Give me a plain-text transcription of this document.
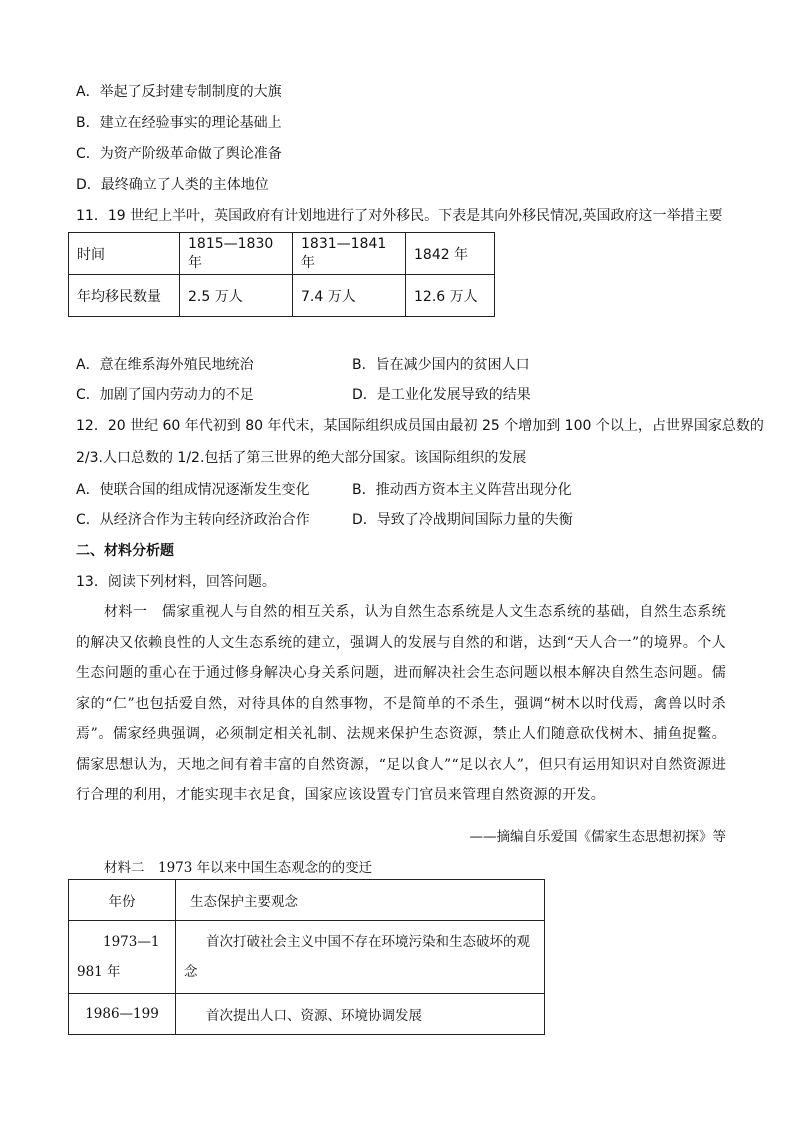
A．举起了反封建专制制度的大旗
B．建立在经验事实的理论基础上
C．为资产阶级革命做了舆论准备
D．最终确立了人类的主体地位
11．19 世纪上半叶，英国政府有计划地进行了对外移民。下表是其向外移民情况,英国政府这一举措主要
时间	1815—1830 年	1831—1841 年	1842 年
年均移民数量	2.5 万人	7.4 万人	12.6 万人
A．意在维系海外殖民地统治	B．旨在减少国内的贫困人口
C．加剧了国内劳动力的不足	D．是工业化发展导致的结果
12．20 世纪 60 年代初到 80 年代末，某国际组织成员国由最初 25 个增加到 100 个以上，占世界国家总数的
2/3.人口总数的 1/2.包括了第三世界的绝大部分国家。该国际组织的发展
A．使联合国的组成情况逐渐发生变化	B．推动西方资本主义阵营出现分化
C．从经济合作为主转向经济政治合作	D．导致了冷战期间国际力量的失衡
二、材料分析题
13．阅读下列材料，回答问题。
材料一　儒家重视人与自然的相互关系，认为自然生态系统是人文生态系统的基础，自然生态系统的解决又依赖良性的人文生态系统的建立，强调人的发展与自然的和谐，达到“天人合一”的境界。个人生态问题的重心在于通过修身解决心身关系问题，进而解决社会生态问题以根本解决自然生态问题。儒家的“仁”也包括爱自然，对待具体的自然事物，不是简单的不杀生，强调“树木以时伐焉，禽兽以时杀焉”。儒家经典强调，必须制定相关礼制、法规来保护生态资源，禁止人们随意砍伐树木、捕鱼捉鳖。儒家思想认为，天地之间有着丰富的自然资源，“足以食人”“足以衣人”，但只有运用知识对自然资源进行合理的利用，才能实现丰衣足食，国家应该设置专门官员来管理自然资源的开发。
——摘编自乐爱国《儒家生态思想初探》等
材料二　1973 年以来中国生态观念的的变迁
年份	生态保护主要观念
1973—1981 年	首次打破社会主义中国不存在环境污染和生态破坏的观念
1986—199	首次提出人口、资源、环境协调发展
